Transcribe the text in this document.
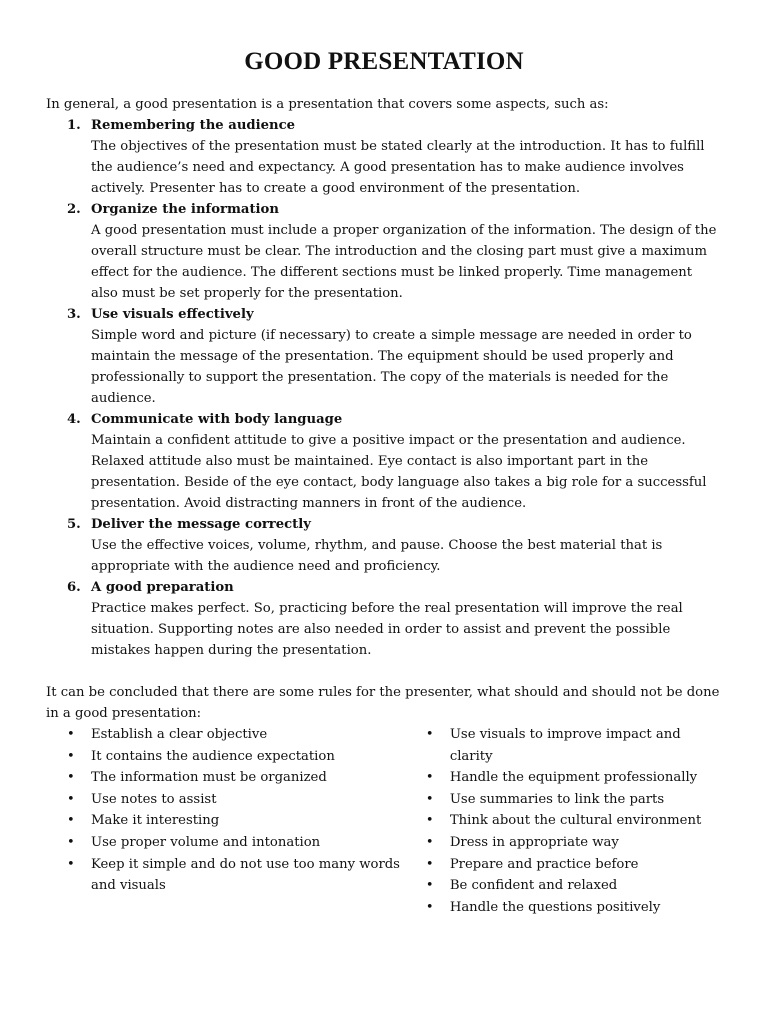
GOOD PRESENTATION

In general, a good presentation is a presentation that covers some aspects, such as:

1. Remembering the audience

The objectives of the presentation must be stated clearly at the introduction. It has to fulfill the audience’s need and expectancy. A good presentation has to make audience involves actively. Presenter has to create a good environment of the presentation.

2. Organize the information

A good presentation must include a proper organization of the information. The design of the overall structure must be clear. The introduction and the closing part must give a maximum effect for the audience. The different sections must be linked properly. Time management also must be set properly for the presentation.

3. Use visuals effectively

Simple word and picture (if necessary) to create a simple message are needed in order to maintain the message of the presentation. The equipment should be used properly and professionally to support the presentation. The copy of the materials is needed for the audience.

4. Communicate with body language

Maintain a confident attitude to give a positive impact or the presentation and audience. Relaxed attitude also must be maintained. Eye contact is also important part in the presentation. Beside of the eye contact, body language also takes a big role for a successful presentation. Avoid distracting manners in front of the audience.

5. Deliver the message correctly

Use the effective voices, volume, rhythm, and pause. Choose the best material that is appropriate with the audience need and proficiency.

6. A good preparation

Practice makes perfect. So, practicing before the real presentation will improve the real situation. Supporting notes are also needed in order to assist and prevent the possible mistakes happen during the presentation.

It can be concluded that there are some rules for the presenter, what should and should not be done in a good presentation:

• Establish a clear objective
• It contains the audience expectation
• The information must be organized
• Use notes to assist
• Make it interesting
• Use proper volume and intonation
• Keep it simple and do not use too many words and visuals
• Use visuals to improve impact and clarity
• Handle the equipment professionally
• Use summaries to link the parts
• Think about the cultural environment
• Dress in appropriate way
• Prepare and practice before
• Be confident and relaxed
• Handle the questions positively
